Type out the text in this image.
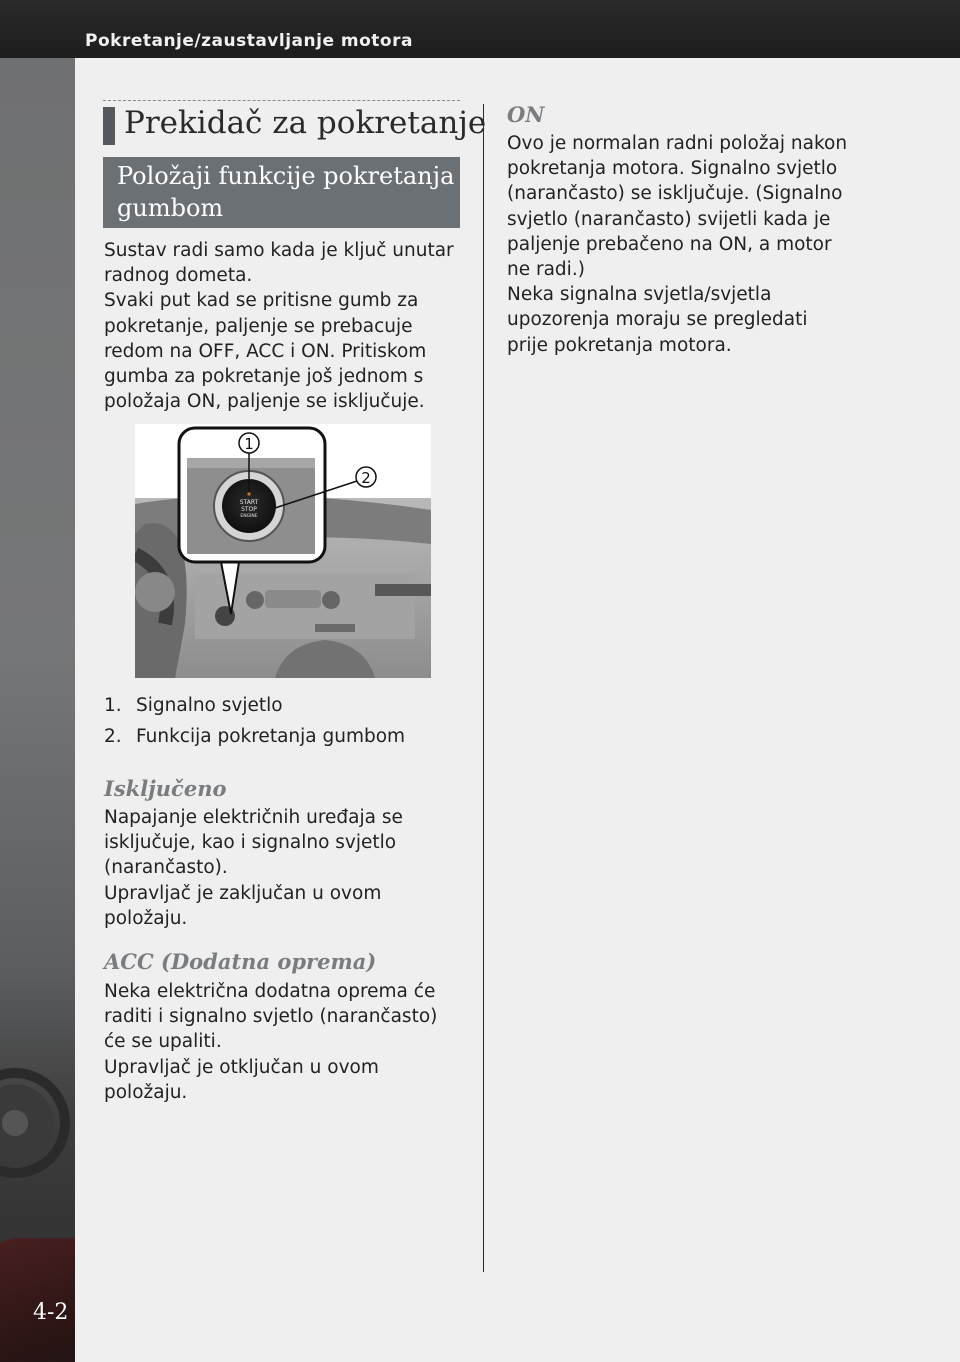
Pokretanje/zaustavljanje motora
4-2
Prekidač za pokretanje
Položaji funkcije pokretanja
gumbom
Sustav radi samo kada je ključ unutar
radnog dometa.
Svaki put kad se pritisne gumb za
pokretanje, paljenje se prebacuje
redom na OFF, ACC i ON. Pritiskom
gumba za pokretanje još jednom s
položaja ON, paljenje se isključuje.
START
STOP
ENGINE
1
2
1. Signalno svjetlo
2. Funkcija pokretanja gumbom
Isključeno
Napajanje električnih uređaja se
isključuje, kao i signalno svjetlo
(narančasto).
Upravljač je zaključan u ovom
položaju.
ACC (Dodatna oprema)
Neka električna dodatna oprema će
raditi i signalno svjetlo (narančasto)
će se upaliti.
Upravljač je otključan u ovom
položaju.
ON
Ovo je normalan radni položaj nakon
pokretanja motora. Signalno svjetlo
(narančasto) se isključuje. (Signalno
svjetlo (narančasto) svijetli kada je
paljenje prebačeno na ON, a motor
ne radi.)
Neka signalna svjetla/svjetla
upozorenja moraju se pregledati
prije pokretanja motora.
